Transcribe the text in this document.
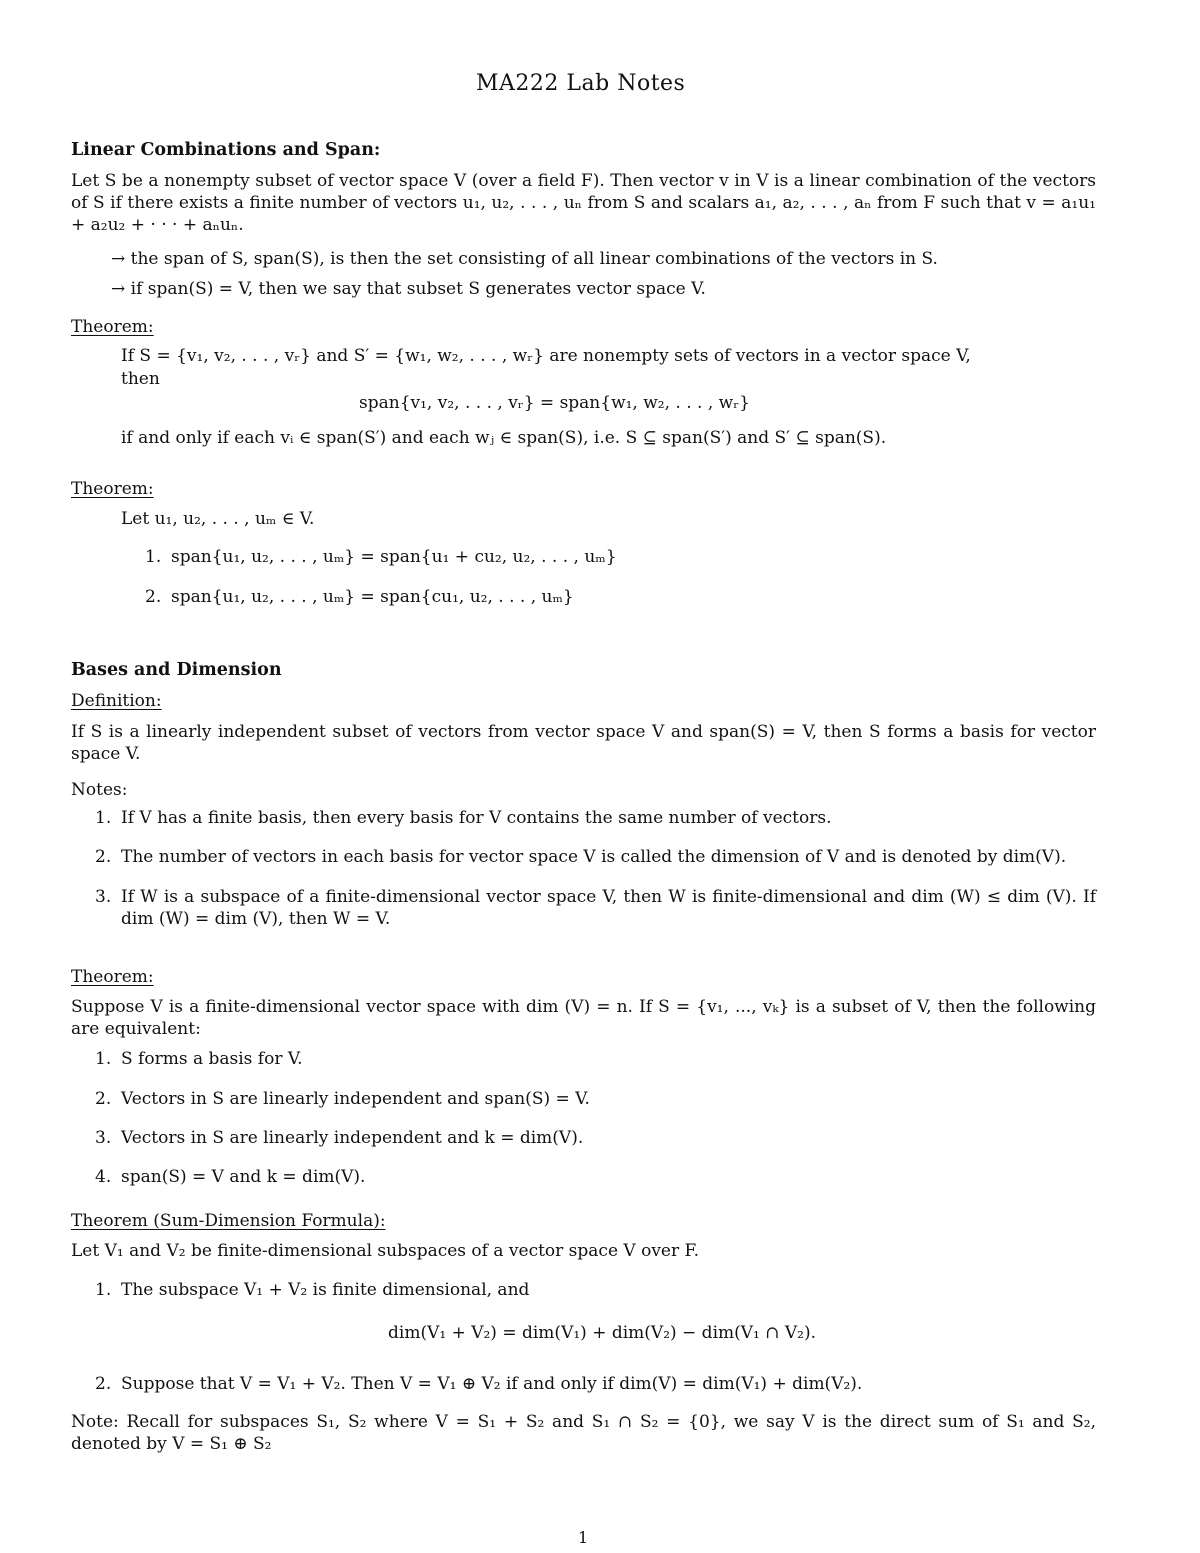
MA222 Lab Notes
Linear Combinations and Span:
Let S be a nonempty subset of vector space V (over a field F). Then vector v in V is a linear combination of the vectors of S if there exists a finite number of vectors u₁, u₂, . . . , uₙ from S and scalars a₁, a₂, . . . , aₙ from F such that v = a₁u₁ + a₂u₂ + · · · + aₙuₙ.
→ the span of S, span(S), is then the set consisting of all linear combinations of the vectors in S.
→ if span(S) = V, then we say that subset S generates vector space V.
Theorem:
If S = {v₁, v₂, . . . , vᵣ} and S′ = {w₁, w₂, . . . , wᵣ} are nonempty sets of vectors in a vector space V,
then
span{v₁, v₂, . . . , vᵣ} = span{w₁, w₂, . . . , wᵣ}
if and only if each vᵢ ∈ span(S′) and each wⱼ ∈ span(S), i.e. S ⊆ span(S′) and S′ ⊆ span(S).
Theorem:
Let u₁, u₂, . . . , uₘ ∈ V.
1. span{u₁, u₂, . . . , uₘ} = span{u₁ + cu₂, u₂, . . . , uₘ}
2. span{u₁, u₂, . . . , uₘ} = span{cu₁, u₂, . . . , uₘ}
Bases and Dimension
Definition:
If S is a linearly independent subset of vectors from vector space V and span(S) = V, then S forms a basis for vector space V.
Notes:
1. If V has a finite basis, then every basis for V contains the same number of vectors.
2. The number of vectors in each basis for vector space V is called the dimension of V and is denoted by dim(V).
3. If W is a subspace of a finite-dimensional vector space V, then W is finite-dimensional and dim (W) ≤ dim (V). If dim (W) = dim (V), then W = V.
Theorem:
Suppose V is a finite-dimensional vector space with dim (V) = n. If S = {v₁, ..., vₖ} is a subset of V, then the following are equivalent:
1. S forms a basis for V.
2. Vectors in S are linearly independent and span(S) = V.
3. Vectors in S are linearly independent and k = dim(V).
4. span(S) = V and k = dim(V).
Theorem (Sum-Dimension Formula):
Let V₁ and V₂ be finite-dimensional subspaces of a vector space V over F.
1. The subspace V₁ + V₂ is finite dimensional, and
dim(V₁ + V₂) = dim(V₁) + dim(V₂) − dim(V₁ ∩ V₂).
2. Suppose that V = V₁ + V₂. Then V = V₁ ⊕ V₂ if and only if dim(V) = dim(V₁) + dim(V₂).
Note: Recall for subspaces S₁, S₂ where V = S₁ + S₂ and S₁ ∩ S₂ = {0}, we say V is the direct sum of S₁ and S₂, denoted by V = S₁ ⊕ S₂
1
